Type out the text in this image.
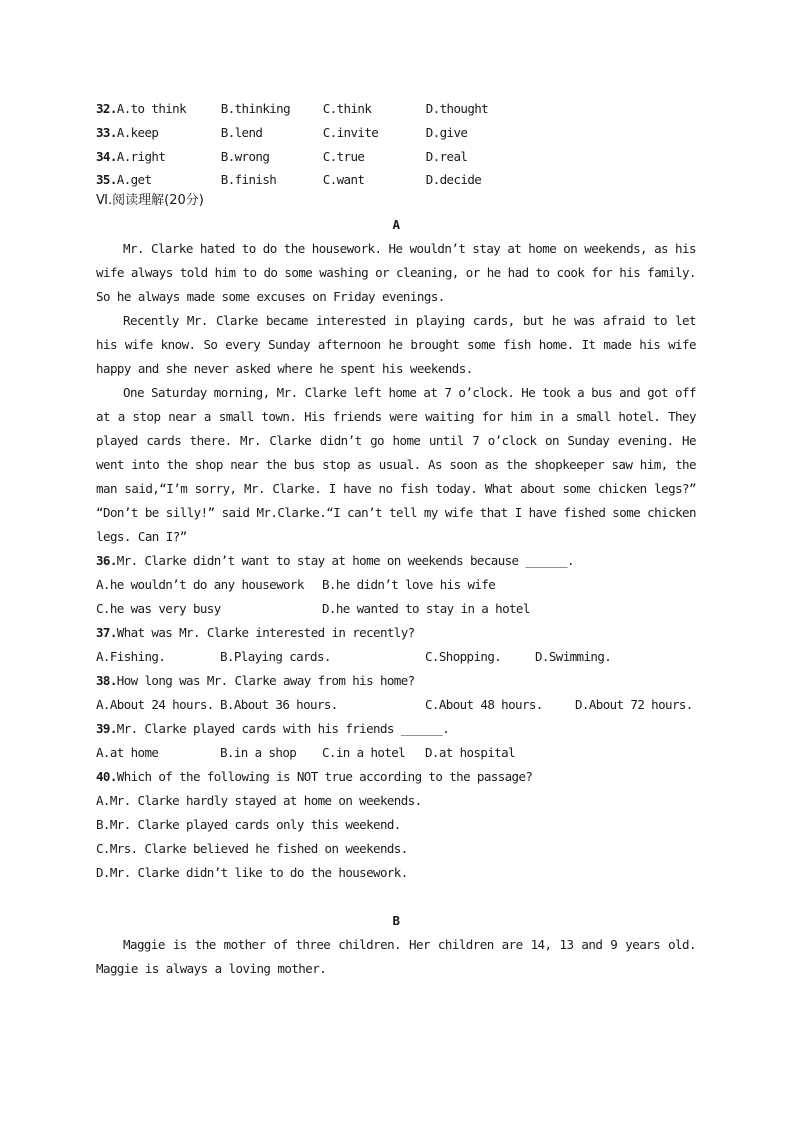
32.A.to think	B.thinking	C.think	D.thought
33.A.keep	B.lend	C.invite	D.give
34.A.right	B.wrong	C.true	D.real
35.A.get	B.finish	C.want	D.decide
Ⅵ.阅读理解(20分)
A
Mr. Clarke hated to do the housework. He wouldn’t stay at home on weekends, as his wife always told him to do some washing or cleaning, or he had to cook for his family. So he always made some excuses on Friday evenings.
Recently Mr. Clarke became interested in playing cards, but he was afraid to let his wife know. So every Sunday afternoon he brought some fish home. It made his wife happy and she never asked where he spent his weekends.
One Saturday morning, Mr. Clarke left home at 7 o’clock. He took a bus and got off at a stop near a small town. His friends were waiting for him in a small hotel. They played cards there. Mr. Clarke didn’t go home until 7 o’clock on Sunday evening. He went into the shop near the bus stop as usual. As soon as the shopkeeper saw him, the man said,“I’m sorry, Mr. Clarke. I have no fish today. What about some chicken legs?” “Don’t be silly!” said Mr.Clarke.“I can’t tell my wife that I have fished some chicken legs. Can I?”
36.Mr. Clarke didn’t want to stay at home on weekends because ______.
A.he wouldn’t do any housework B.he didn’t love his wife
C.he was very busy	D.he wanted to stay in a hotel
37.What was Mr. Clarke interested in recently?
A.Fishing.	B.Playing cards.	C.Shopping.	D.Swimming.
38.How long was Mr. Clarke away from his home?
A.About 24 hours. B.About 36 hours.	C.About 48 hours.	D.About 72 hours.
39.Mr. Clarke played cards with his friends ______.
A.at home	B.in a shop C.in a hotel D.at hospital
40.Which of the following is NOT true according to the passage?
A.Mr. Clarke hardly stayed at home on weekends.
B.Mr. Clarke played cards only this weekend.
C.Mrs. Clarke believed he fished on weekends.
D.Mr. Clarke didn’t like to do the housework.
B
Maggie is the mother of three children. Her children are 14, 13 and 9 years old. Maggie is always a loving mother.
